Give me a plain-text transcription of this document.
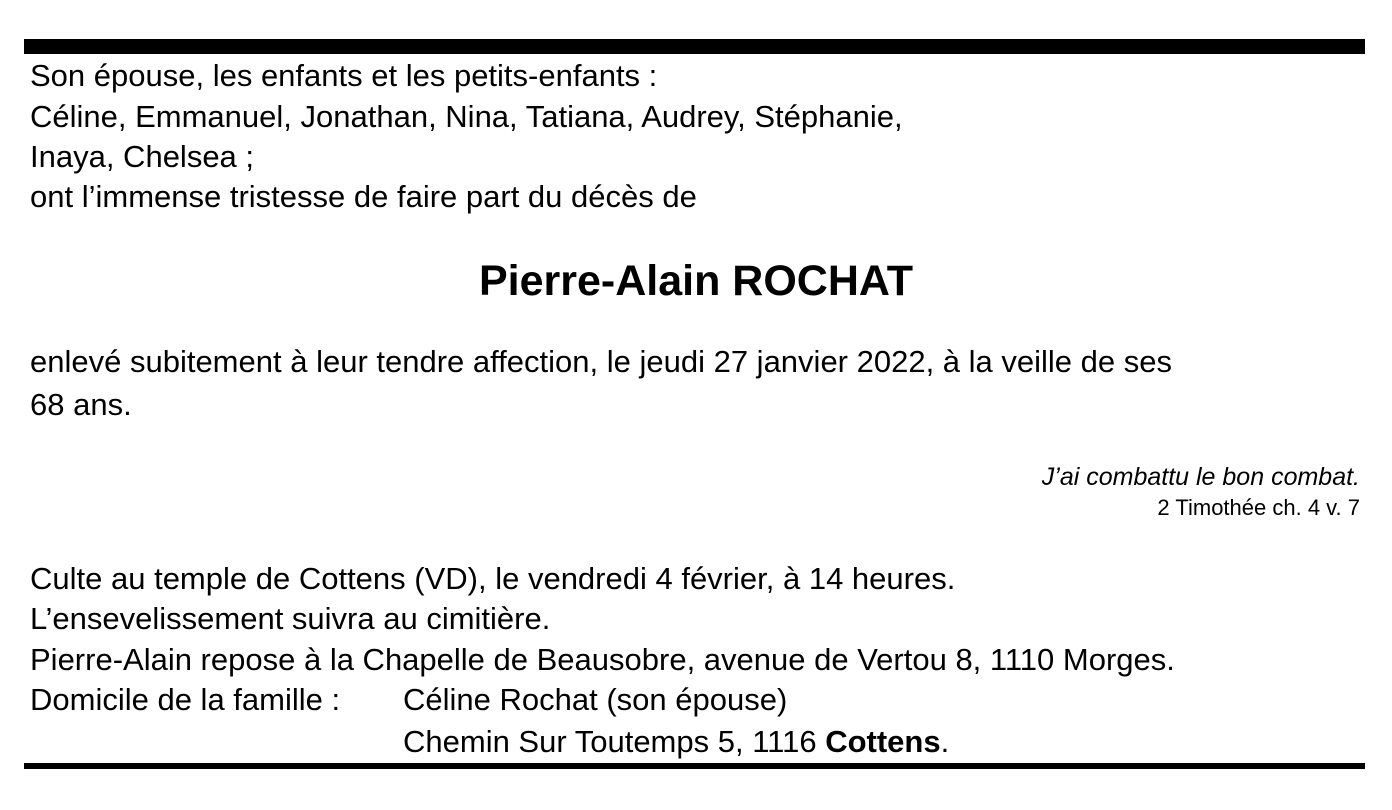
Son épouse, les enfants et les petits-enfants :
Céline, Emmanuel, Jonathan, Nina, Tatiana, Audrey, Stéphanie,
Inaya, Chelsea ;
ont l’immense tristesse de faire part du décès de
Pierre-Alain ROCHAT
enlevé subitement à leur tendre affection, le jeudi 27 janvier 2022, à la veille de ses
68 ans.
J’ai combattu le bon combat.
2 Timothée ch. 4 v. 7
Culte au temple de Cottens (VD), le vendredi 4 février, à 14 heures.
L’ensevelissement suivra au cimitière.
Pierre-Alain repose à la Chapelle de Beausobre, avenue de Vertou 8, 1110 Morges.
Domicile de la famille : Céline Rochat (son épouse)
Chemin Sur Toutemps 5, 1116 Cottens.
